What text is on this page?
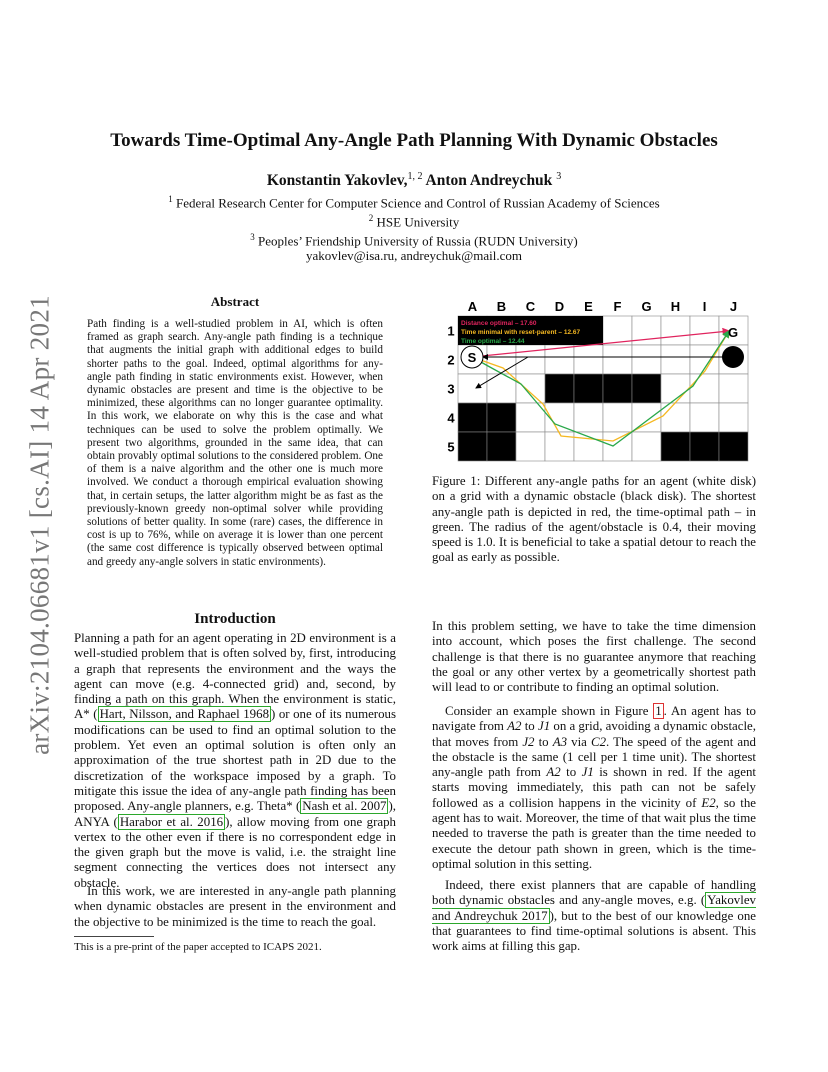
arXiv:2104.06681v1 [cs.AI] 14 Apr 2021
Towards Time-Optimal Any-Angle Path Planning With Dynamic Obstacles
Konstantin Yakovlev,$^{1, 2}$ Anton Andreychuk $^3$
$^1$ Federal Research Center for Computer Science and Control of Russian Academy of Sciences
$^2$ HSE University
$^3$ Peoples’ Friendship University of Russia (RUDN University)
yakovlev@isa.ru, andreychuk@mail.com
Abstract
Path finding is a well-studied problem in AI, which is often framed as graph search. Any-angle path finding is a technique that augments the initial graph with additional edges to build shorter paths to the goal. Indeed, optimal algorithms for any-angle path finding in static environments exist. However, when dynamic obstacles are present and time is the objective to be minimized, these algorithms can no longer guarantee optimality. In this work, we elaborate on why this is the case and what techniques can be used to solve the problem optimally. We present two algorithms, grounded in the same idea, that can obtain provably optimal solutions to the considered problem. One of them is a naive algorithm and the other one is much more involved. We conduct a thorough empirical evaluation showing that, in certain setups, the latter algorithm might be as fast as the previously-known greedy non-optimal solver while providing solutions of better quality. In some (rare) cases, the difference in cost is up to 76%, while on average it is lower than one percent (the same cost difference is typically observed between optimal and greedy any-angle solvers in static environments).
Introduction

Planning a path for an agent operating in 2D environment is a well-studied problem that is often solved by, first, introducing a graph that represents the environment and the ways the agent can move (e.g. 4-connected grid) and, second, by finding a path on this graph. When the environment is static, A* ( Hart, Nilsson, and Raphael 1968 ) or one of its numerous modifications can be used to find an optimal solution to the problem. Yet even an optimal solution is often only an approximation of the true shortest path in 2D due to the discretization of the workspace imposed by a graph. To mitigate this issue the idea of any-angle path finding has been proposed. Any-angle planners, e.g. Theta* ( Nash et al. 2007 ), ANYA ( Harabor et al. 2016 ), allow moving from one graph vertex to the other even if there is no correspondent edge in the given graph but the move is valid, i.e. the straight line segment connecting the vertices does not intersect any obstacle.

In this work, we are interested in any-angle path planning when dynamic obstacles are present in the environment and the objective to be minimized is the time to reach the goal.

This is a pre-print of the paper accepted to ICAPS 2021.
A B C D E F G H I J
1
2
3
4
5
Distance optimal – 17.60
Time minimal with reset-parent – 12.67
Time optimal – 12.44
S
G
Figure 1: Different any-angle paths for an agent (white disk) on a grid with a dynamic obstacle (black disk). The shortest any-angle path is depicted in red, the time-optimal path – in green. The radius of the agent/obstacle is 0.4, their moving speed is 1.0. It is beneficial to take a spatial detour to reach the goal as early as possible.

In this problem setting, we have to take the time dimension into account, which poses the first challenge. The second challenge is that there is no guarantee anymore that reaching the goal or any other vertex by a geometrically shortest path will lead to or contribute to finding an optimal solution.

Consider an example shown in Figure 1 . An agent has to navigate from A2 to J1 on a grid, avoiding a dynamic obstacle, that moves from J2 to A3 via C2. The speed of the agent and the obstacle is the same (1 cell per 1 time unit). The shortest any-angle path from A2 to J1 is shown in red. If the agent starts moving immediately, this path can not be safely followed as a collision happens in the vicinity of E2, so the agent has to wait. Moreover, the time of that wait plus the time needed to traverse the path is greater than the time needed to execute the detour path shown in green, which is the time-optimal solution in this setting.

Indeed, there exist planners that are capable of handling both dynamic obstacles and any-angle moves, e.g. ( Yakovlev and Andreychuk 2017 ), but to the best of our knowledge one that guarantees to find time-optimal solutions is absent. This work aims at filling this gap.
